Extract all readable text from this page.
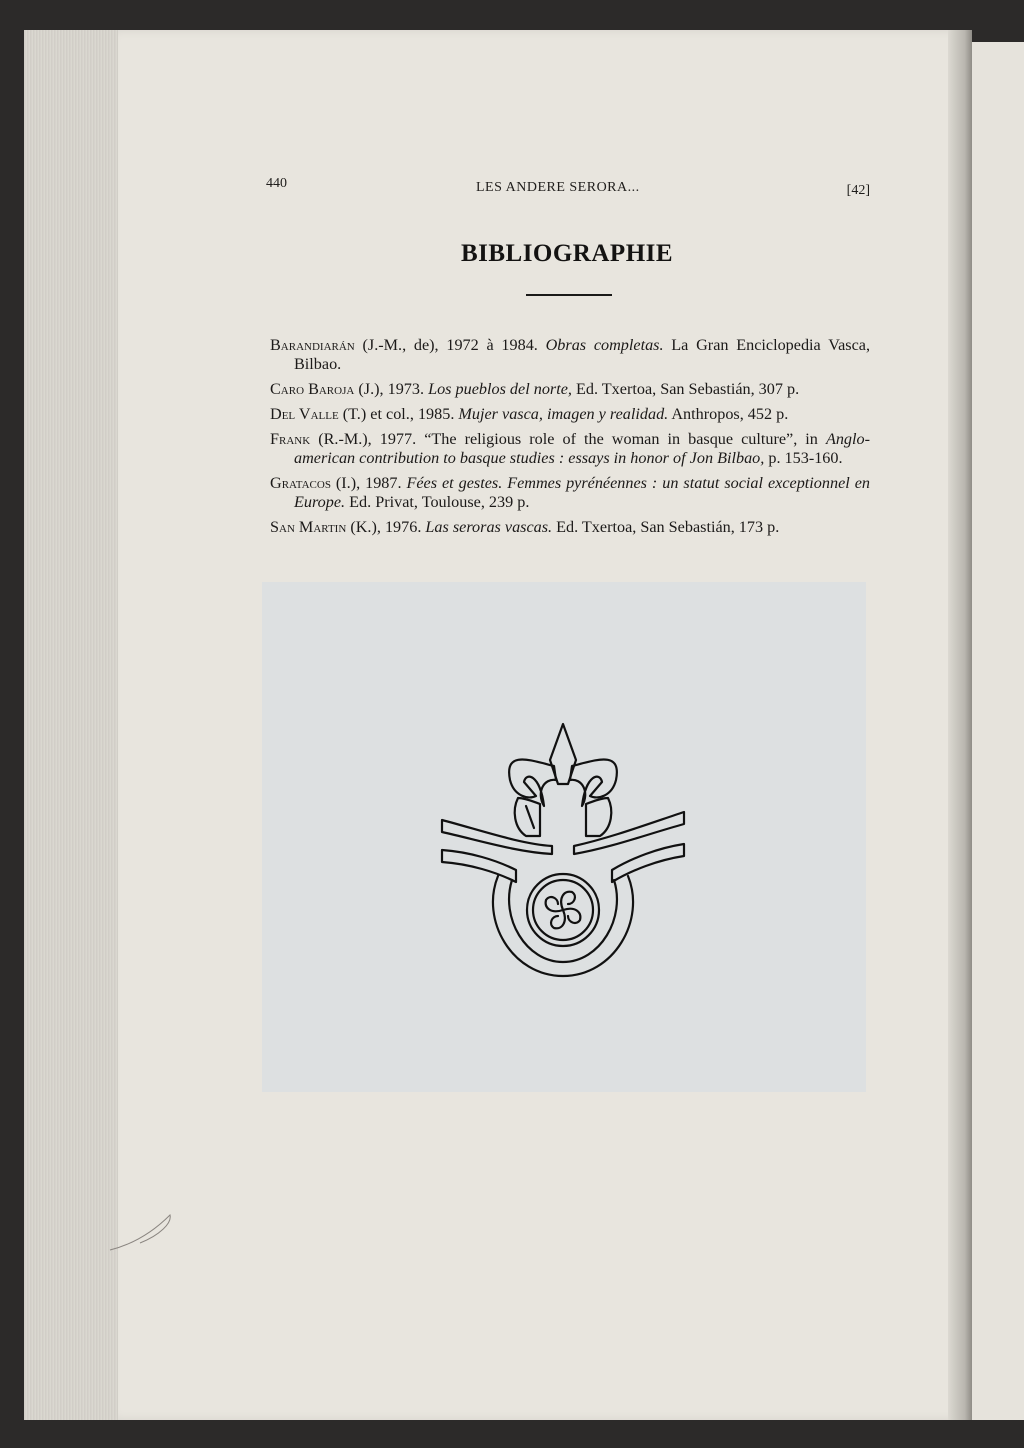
440	LES ANDERE SERORA...	[42]
BIBLIOGRAPHIE
Barandiarán (J.-M., de), 1972 à 1984. Obras completas. La Gran Enciclopedia Vasca, Bilbao.
Caro Baroja (J.), 1973. Los pueblos del norte, Ed. Txertoa, San Sebastián, 307 p.
Del Valle (T.) et col., 1985. Mujer vasca, imagen y realidad. Anthropos, 452 p.
Frank (R.-M.), 1977. “The religious role of the woman in basque culture”, in Anglo-american contribution to basque studies : essays in honor of Jon Bilbao, p. 153-160.
Gratacos (I.), 1987. Fées et gestes. Femmes pyrénéennes : un statut social exceptionnel en Europe. Ed. Privat, Toulouse, 239 p.
San Martin (K.), 1976. Las seroras vascas. Ed. Txertoa, San Sebastián, 173 p.
